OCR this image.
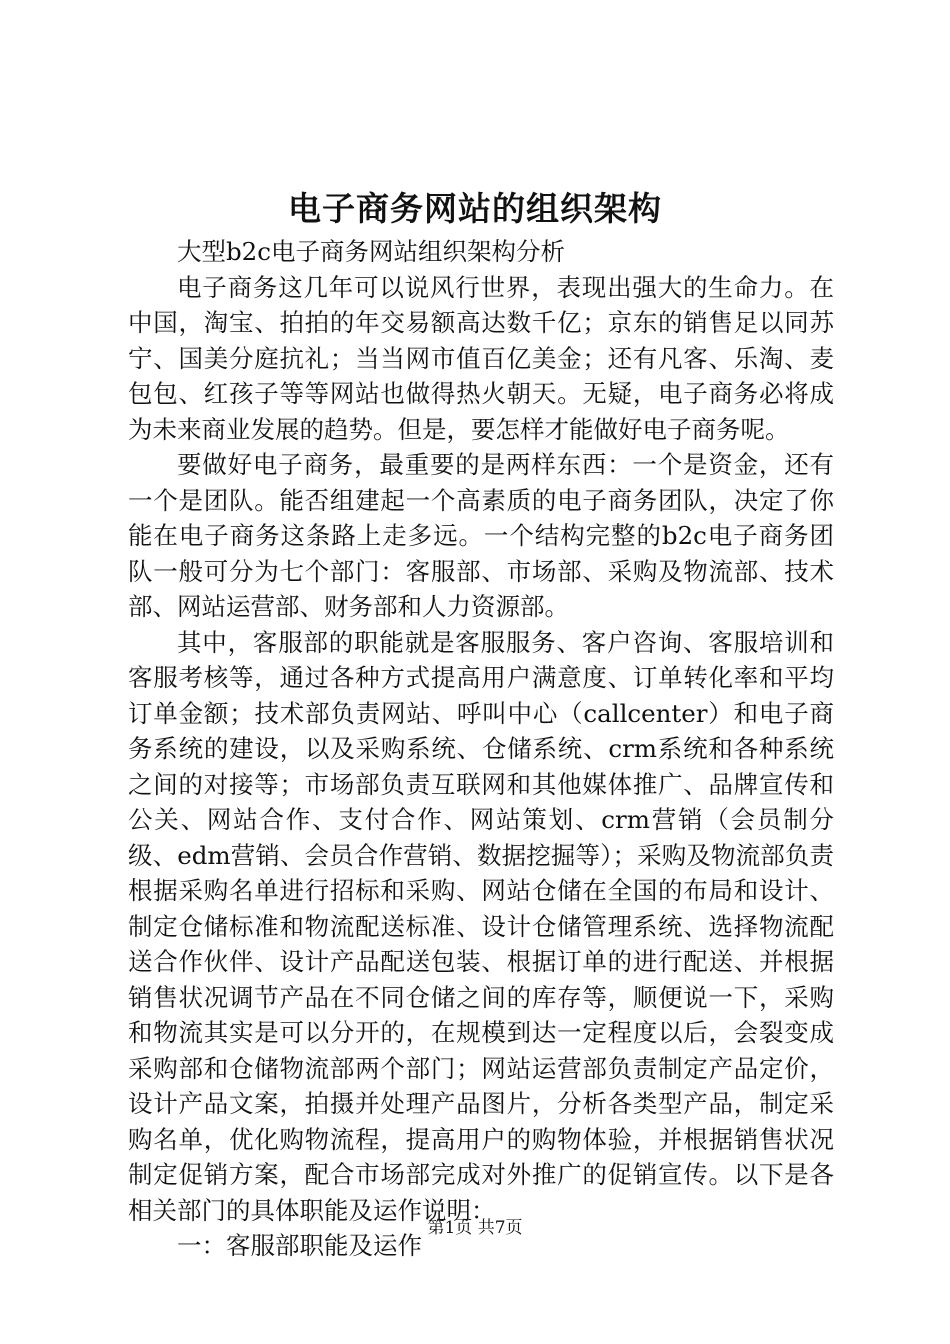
电子商务网站的组织架构

大型b2c电子商务网站组织架构分析

电子商务这几年可以说风行世界，表现出强大的生命力。在中国，淘宝、拍拍的年交易额高达数千亿；京东的销售足以同苏宁、国美分庭抗礼；当当网市值百亿美金；还有凡客、乐淘、麦包包、红孩子等等网站也做得热火朝天。无疑，电子商务必将成为未来商业发展的趋势。但是，要怎样才能做好电子商务呢。

要做好电子商务，最重要的是两样东西：一个是资金，还有一个是团队。能否组建起一个高素质的电子商务团队，决定了你能在电子商务这条路上走多远。一个结构完整的b2c电子商务团队一般可分为七个部门：客服部、市场部、采购及物流部、技术部、网站运营部、财务部和人力资源部。

其中，客服部的职能就是客服服务、客户咨询、客服培训和客服考核等，通过各种方式提高用户满意度、订单转化率和平均订单金额；技术部负责网站、呼叫中心（callcenter）和电子商务系统的建设，以及采购系统、仓储系统、crm系统和各种系统之间的对接等；市场部负责互联网和其他媒体推广、品牌宣传和公关、网站合作、支付合作、网站策划、crm营销（会员制分级、edm营销、会员合作营销、数据挖掘等）；采购及物流部负责根据采购名单进行招标和采购、网站仓储在全国的布局和设计、制定仓储标准和物流配送标准、设计仓储管理系统、选择物流配送合作伙伴、设计产品配送包装、根据订单的进行配送、并根据销售状况调节产品在不同仓储之间的库存等，顺便说一下，采购和物流其实是可以分开的，在规模到达一定程度以后，会裂变成采购部和仓储物流部两个部门；网站运营部负责制定产品定价，设计产品文案，拍摄并处理产品图片，分析各类型产品，制定采购名单，优化购物流程，提高用户的购物体验，并根据销售状况制定促销方案，配合市场部完成对外推广的促销宣传。以下是各相关部门的具体职能及运作说明：

一：客服部职能及运作

第1页 共7页
